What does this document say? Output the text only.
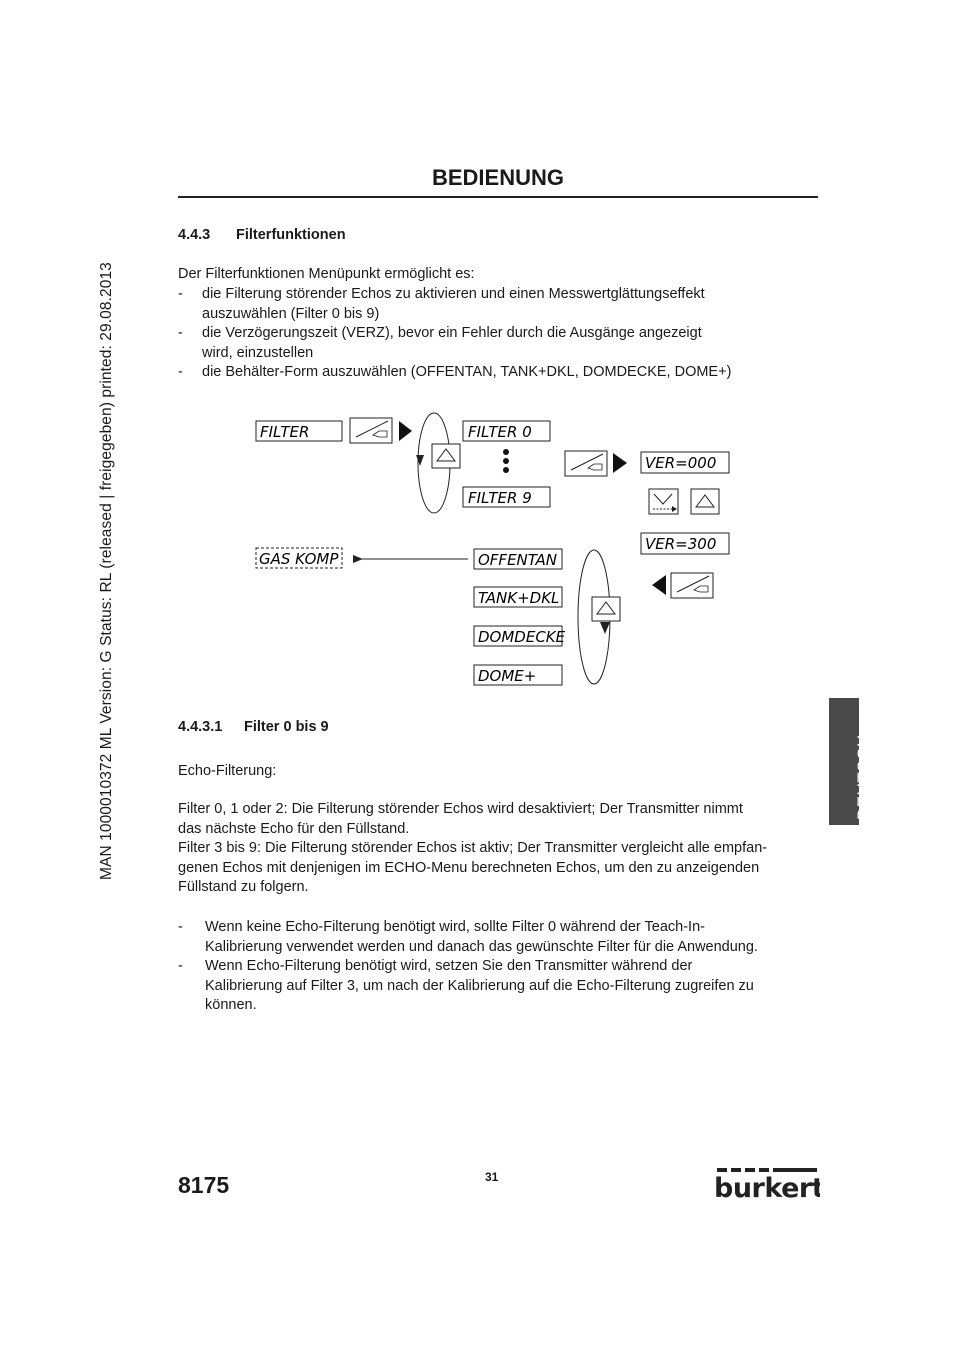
MAN 1000010372 ML Version: G Status: RL (released | freigegeben) printed: 29.08.2013
BEDIENUNG
4.4.3 Filterfunktionen
Der Filterfunktionen Menüpunkt ermöglicht es:
- die Filterung störender Echos zu aktivieren und einen Messwertglättungseffekt
auszuwählen (Filter 0 bis 9)
- die Verzögerungszeit (VERZ), bevor ein Fehler durch die Ausgänge angezeigt
wird, einzustellen
- die Behälter-Form auszuwählen (OFFENTAN, TANK+DKL, DOMDECKE, DOME+)
FILTER	FILTER 0
FILTER 9
VER=000
VER=300
GAS KOMP	OFFENTAN
TANK+DKL
DOMDECKE
DOME+
4.4.3.1 Filter 0 bis 9
Echo-Filterung:
Filter 0, 1 oder 2: Die Filterung störender Echos wird desaktiviert; Der Transmitter nimmt
das nächste Echo für den Füllstand.
Filter 3 bis 9: Die Filterung störender Echos ist aktiv; Der Transmitter vergleicht alle empfan-
genen Echos mit denjenigen im ECHO-Menu berechneten Echos, um den zu anzeigenden
Füllstand zu folgern.
- Wenn keine Echo-Filterung benötigt wird, sollte Filter 0 während der Teach-In-
Kalibrierung verwendet werden und danach das gewünschte Filter für die Anwendung.
- Wenn Echo-Filterung benötigt wird, setzen Sie den Transmitter während der
Kalibrierung auf Filter 3, um nach der Kalibrierung auf die Echo-Filterung zugreifen zu
können.
DEUTSCH
8175	31	burkert
